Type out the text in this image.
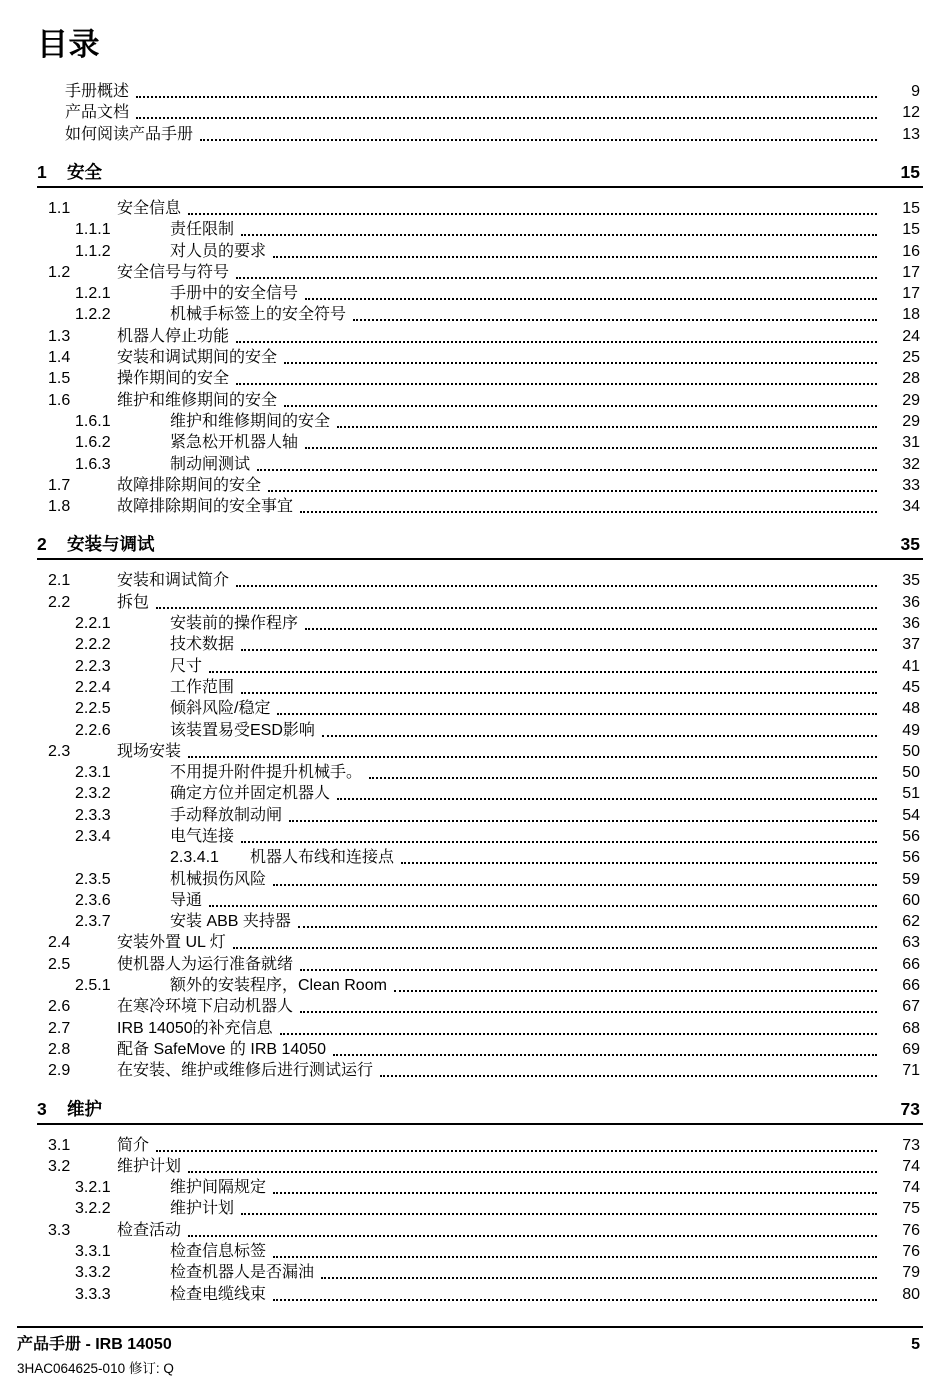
目录
手册概述	9
产品文档	12
如何阅读产品手册	13
1	安全	15
1.1	安全信息	15
1.1.1	责任限制	15
1.1.2	对人员的要求	16
1.2	安全信号与符号	17
1.2.1	手册中的安全信号	17
1.2.2	机械手标签上的安全符号	18
1.3	机器人停止功能	24
1.4	安装和调试期间的安全	25
1.5	操作期间的安全	28
1.6	维护和维修期间的安全	29
1.6.1	维护和维修期间的安全	29
1.6.2	紧急松开机器人轴	31
1.6.3	制动闸测试	32
1.7	故障排除期间的安全	33
1.8	故障排除期间的安全事宜	34
2	安装与调试	35
2.1	安装和调试简介	35
2.2	拆包	36
2.2.1	安装前的操作程序	36
2.2.2	技术数据	37
2.2.3	尺寸	41
2.2.4	工作范围	45
2.2.5	倾斜风险/稳定	48
2.2.6	该装置易受ESD影响	49
2.3	现场安装	50
2.3.1	不用提升附件提升机械手。	50
2.3.2	确定方位并固定机器人	51
2.3.3	手动释放制动闸	54
2.3.4	电气连接	56
2.3.4.1	机器人布线和连接点	56
2.3.5	机械损伤风险	59
2.3.6	导通	60
2.3.7	安装 ABB 夹持器	62
2.4	安装外置 UL 灯	63
2.5	使机器人为运行准备就绪	66
2.5.1	额外的安装程序，Clean Room	66
2.6	在寒冷环境下启动机器人	67
2.7	IRB 14050的补充信息	68
2.8	配备 SafeMove 的 IRB 14050	69
2.9	在安装、维护或维修后进行测试运行	71
3	维护	73
3.1	简介	73
3.2	维护计划	74
3.2.1	维护间隔规定	74
3.2.2	维护计划	75
3.3	检查活动	76
3.3.1	检查信息标签	76
3.3.2	检查机器人是否漏油	79
3.3.3	检查电缆线束	80
产品手册 - IRB 14050	5
3HAC064625-010 修订: Q
